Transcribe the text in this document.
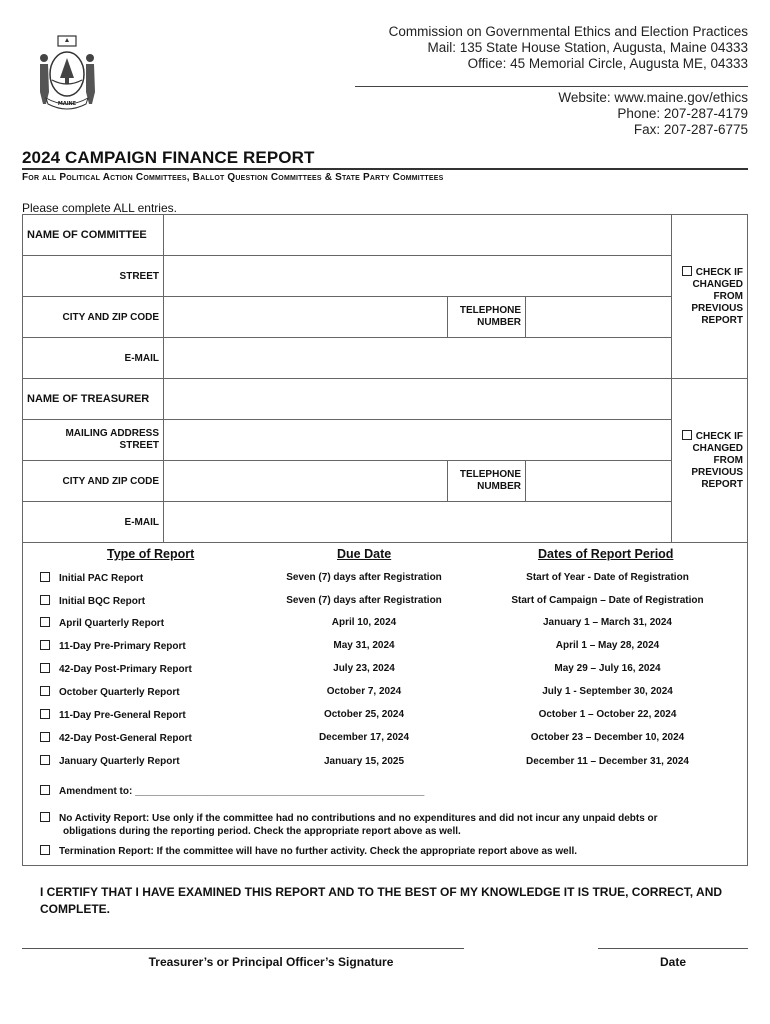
MAINE
Commission on Governmental Ethics and Election Practices
Mail: 135 State House Station, Augusta, Maine 04333
Office: 45 Memorial Circle, Augusta ME, 04333
Website: www.maine.gov/ethics
Phone: 207-287-4179
Fax: 207-287-6775
2024 CAMPAIGN FINANCE REPORT
For all Political Action Committees, Ballot Question Committees & State Party Committees
Please complete ALL entries.
NAME OF COMMITTEE				CHECK IF CHANGED FROM PREVIOUS REPORT
STREET				
CITY AND ZIP CODE		TELEPHONE NUMBER		
E-MAIL				
NAME OF TREASURER				CHECK IF CHANGED FROM PREVIOUS REPORT
MAILING ADDRESS STREET				
CITY AND ZIP CODE		TELEPHONE NUMBER		
E-MAIL				
Type of Report	Due Date	Dates of Report Period
Initial PAC Report	Seven (7) days after Registration	Start of Year - Date of Registration
Initial BQC Report	Seven (7) days after Registration	Start of Campaign – Date of Registration
April Quarterly Report	April 10, 2024	January 1 – March 31, 2024
11-Day Pre-Primary Report	May 31, 2024	April 1 – May 28, 2024
42-Day Post-Primary Report	July 23, 2024	May 29 – July 16, 2024
October Quarterly Report	October 7, 2024	July 1 - September 30, 2024
11-Day Pre-General Report	October 25, 2024	October 1 – October 22, 2024
42-Day Post-General Report	December 17, 2024	October 23 – December 10, 2024
January Quarterly Report	January 15, 2025	December 11 – December 31, 2024
Amendment to: ____________________________________________________
No Activity Report: Use only if the committee had no contributions and no expenditures and did not incur any unpaid debts or
obligations during the reporting period. Check the appropriate report above as well.
Termination Report: If the committee will have no further activity. Check the appropriate report above as well.
I CERTIFY THAT I HAVE EXAMINED THIS REPORT AND TO THE BEST OF MY KNOWLEDGE IT IS TRUE, CORRECT, AND COMPLETE.
Treasurer’s or Principal Officer’s Signature	Date
